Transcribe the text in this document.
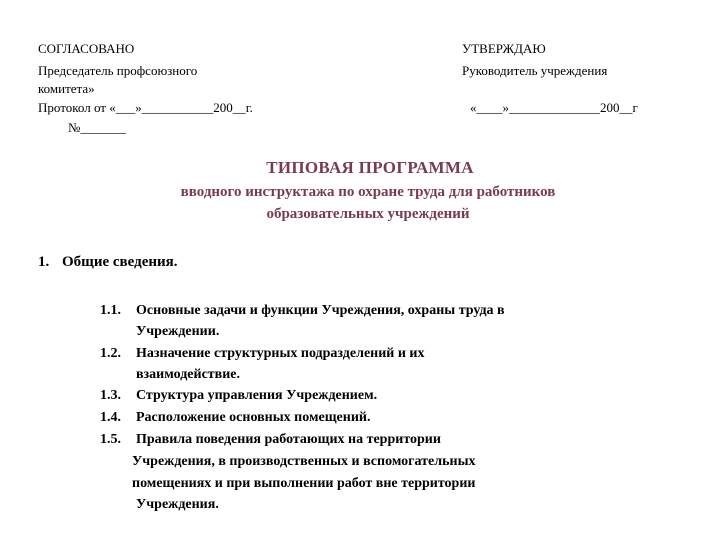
СОГЛАСОВАНО
Председатель профсоюзного
комитета»
Протокол от «___»___________200__г.
№_______
УТВЕРЖДАЮ
Руководитель учреждения
«____»______________200__г
ТИПОВАЯ ПРОГРАММА
вводного инструктажа по охране труда для работников
образовательных учреждений
1. Общие сведения.
1.1. Основные задачи и функции Учреждения, охраны труда в
Учреждении.
1.2. Назначение структурных подразделений и их
взаимодействие.
1.3. Структура управления Учреждением.
1.4. Расположение основных помещений.
1.5. Правила поведения работающих на территории
Учреждения, в производственных и вспомогательных
помещениях и при выполнении работ вне территории
Учреждения.
